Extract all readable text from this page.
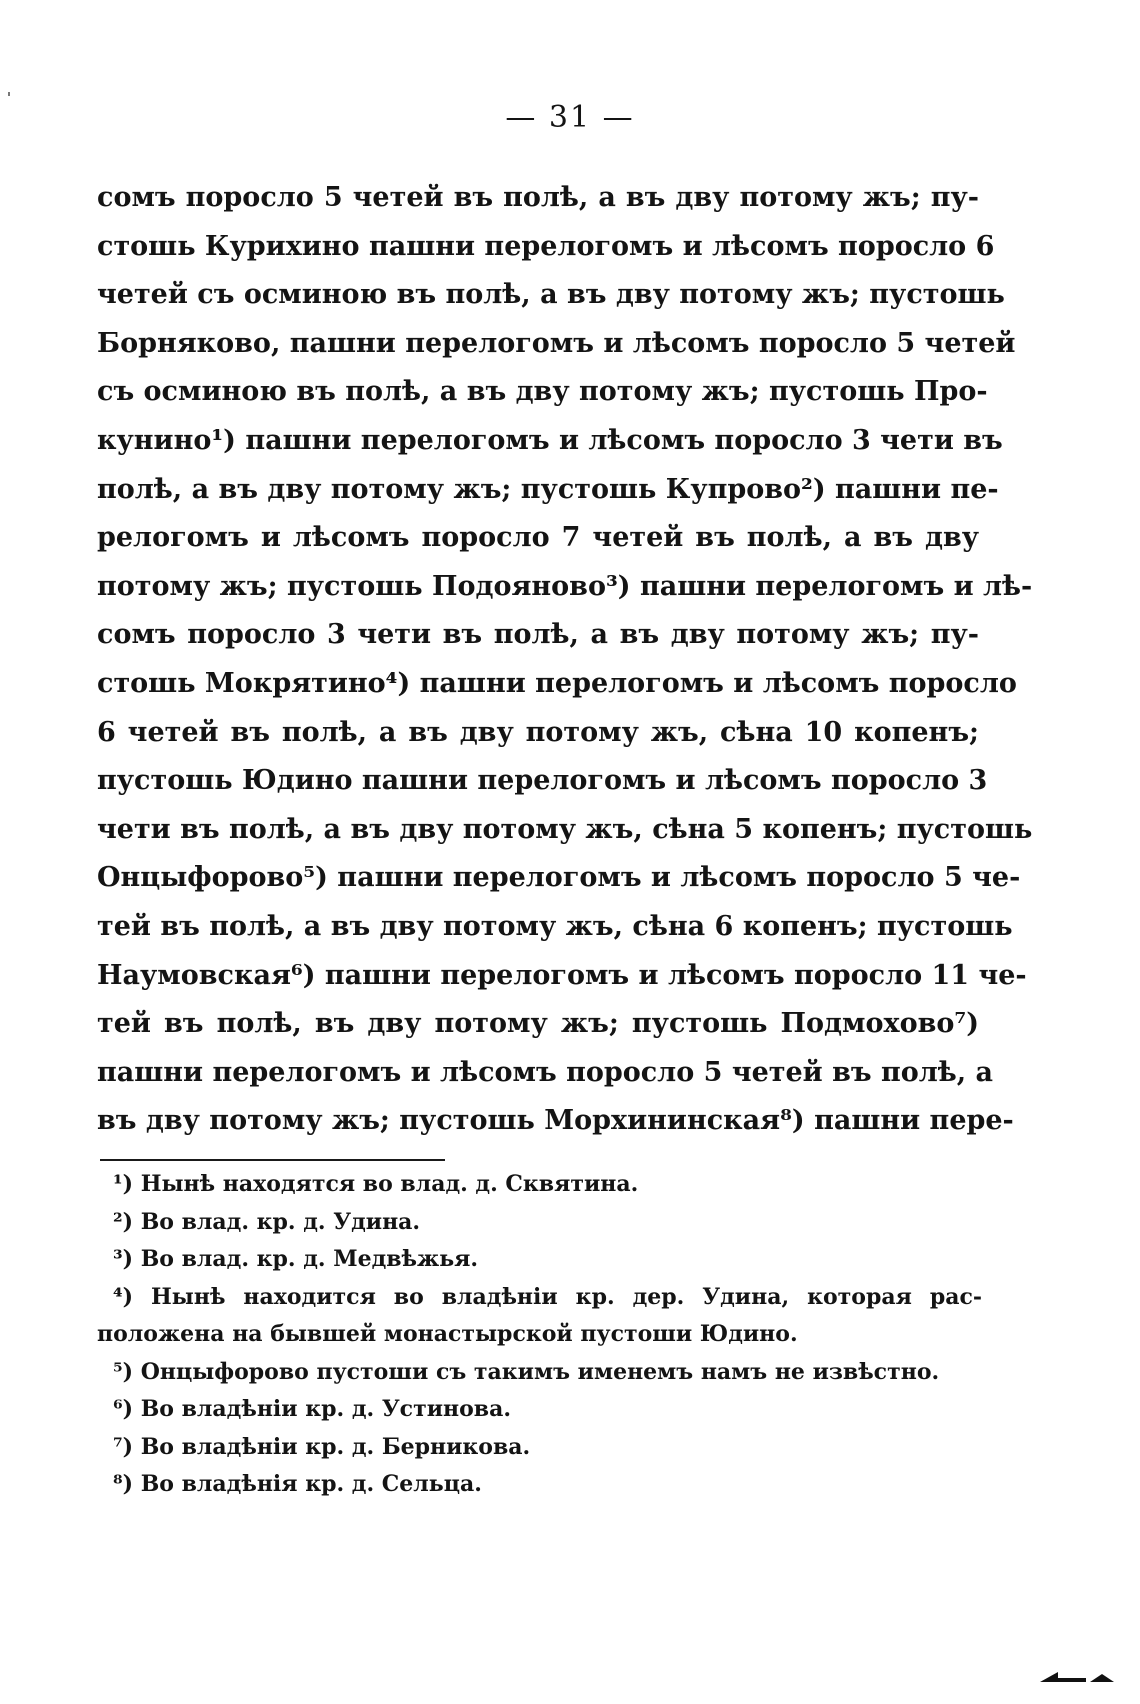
— 31 —
сомъ поросло 5 четей въ полѣ, а въ дву потому жъ; пу-
стошь Курихино пашни перелогомъ и лѣсомъ поросло 6
четей съ осминою въ полѣ, а въ дву потому жъ; пустошь
Борняково, пашни перелогомъ и лѣсомъ поросло 5 четей
съ осминою въ полѣ, а въ дву потому жъ; пустошь Про-
кунино¹) пашни перелогомъ и лѣсомъ поросло 3 чети въ
полѣ, а въ дву потому жъ; пустошь Купрово²) пашни пе-
релогомъ и лѣсомъ поросло 7 четей въ полѣ, а въ дву
потому жъ; пустошь Подояново³) пашни перелогомъ и лѣ-
сомъ поросло 3 чети въ полѣ, а въ дву потому жъ; пу-
стошь Мокрятино⁴) пашни перелогомъ и лѣсомъ поросло
6 четей въ полѣ, а въ дву потому жъ, сѣна 10 копенъ;
пустошь Юдино пашни перелогомъ и лѣсомъ поросло 3
чети въ полѣ, а въ дву потому жъ, сѣна 5 копенъ; пустошь
Онцыфорово⁵) пашни перелогомъ и лѣсомъ поросло 5 че-
тей въ полѣ, а въ дву потому жъ, сѣна 6 копенъ; пустошь
Наумовская⁶) пашни перелогомъ и лѣсомъ поросло 11 че-
тей въ полѣ, въ дву потому жъ; пустошь Подмохово⁷)
пашни перелогомъ и лѣсомъ поросло 5 четей въ полѣ, а
въ дву потому жъ; пустошь Морхининская⁸) пашни пере-
¹) Нынѣ находятся во влад. д. Сквятина.
²) Во влад. кр. д. Удина.
³) Во влад. кр. д. Медвѣжья.
⁴) Нынѣ находится во владѣніи кр. дер. Удина, которая рас-
положена на бывшей монастырской пустоши Юдино.
⁵) Онцыфорово пустоши съ такимъ именемъ намъ не извѣстно.
⁶) Во владѣніи кр. д. Устинова.
⁷) Во владѣніи кр. д. Берникова.
⁸) Во владѣнія кр. д. Сельца.
